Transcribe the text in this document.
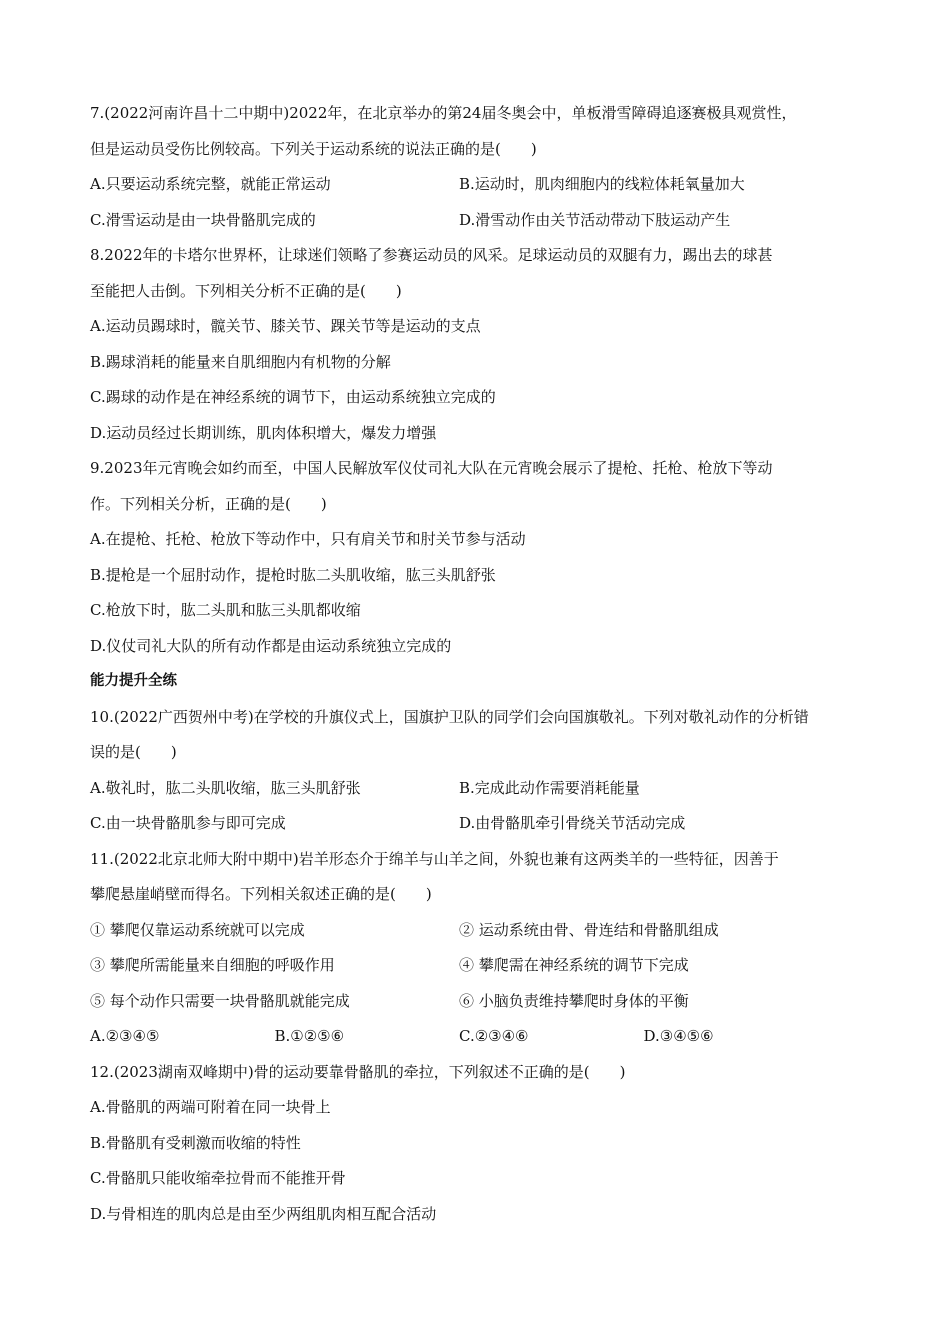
7.(2022河南许昌十二中期中)2022年，在北京举办的第24届冬奥会中，单板滑雪障碍追逐赛极具观赏性，
但是运动员受伤比例较高。下列关于运动系统的说法正确的是(　　)
A.只要运动系统完整，就能正常运动	B.运动时，肌肉细胞内的线粒体耗氧量加大
C.滑雪运动是由一块骨骼肌完成的	D.滑雪动作由关节活动带动下肢运动产生
8.2022年的卡塔尔世界杯，让球迷们领略了参赛运动员的风采。足球运动员的双腿有力，踢出去的球甚
至能把人击倒。下列相关分析不正确的是(　　)
A.运动员踢球时，髋关节、膝关节、踝关节等是运动的支点
B.踢球消耗的能量来自肌细胞内有机物的分解
C.踢球的动作是在神经系统的调节下，由运动系统独立完成的
D.运动员经过长期训练，肌肉体积增大，爆发力增强
9.2023年元宵晚会如约而至，中国人民解放军仪仗司礼大队在元宵晚会展示了提枪、托枪、枪放下等动
作。下列相关分析，正确的是(　　)
A.在提枪、托枪、枪放下等动作中，只有肩关节和肘关节参与活动
B.提枪是一个屈肘动作，提枪时肱二头肌收缩，肱三头肌舒张
C.枪放下时，肱二头肌和肱三头肌都收缩
D.仪仗司礼大队的所有动作都是由运动系统独立完成的
能力提升全练
10.(2022广西贺州中考)在学校的升旗仪式上，国旗护卫队的同学们会向国旗敬礼。下列对敬礼动作的分析错
误的是(　　)
A.敬礼时，肱二头肌收缩，肱三头肌舒张	B.完成此动作需要消耗能量
C.由一块骨骼肌参与即可完成	D.由骨骼肌牵引骨绕关节活动完成
11.(2022北京北师大附中期中)岩羊形态介于绵羊与山羊之间，外貌也兼有这两类羊的一些特征，因善于
攀爬悬崖峭壁而得名。下列相关叙述正确的是(　　)
① 攀爬仅靠运动系统就可以完成	② 运动系统由骨、骨连结和骨骼肌组成
③ 攀爬所需能量来自细胞的呼吸作用	④ 攀爬需在神经系统的调节下完成
⑤ 每个动作只需要一块骨骼肌就能完成	⑥ 小脑负责维持攀爬时身体的平衡
A.②③④⑤	B.①②⑤⑥	C.②③④⑥	D.③④⑤⑥
12.(2023湖南双峰期中)骨的运动要靠骨骼肌的牵拉，下列叙述不正确的是(　　)
A.骨骼肌的两端可附着在同一块骨上
B.骨骼肌有受刺激而收缩的特性
C.骨骼肌只能收缩牵拉骨而不能推开骨
D.与骨相连的肌肉总是由至少两组肌肉相互配合活动
